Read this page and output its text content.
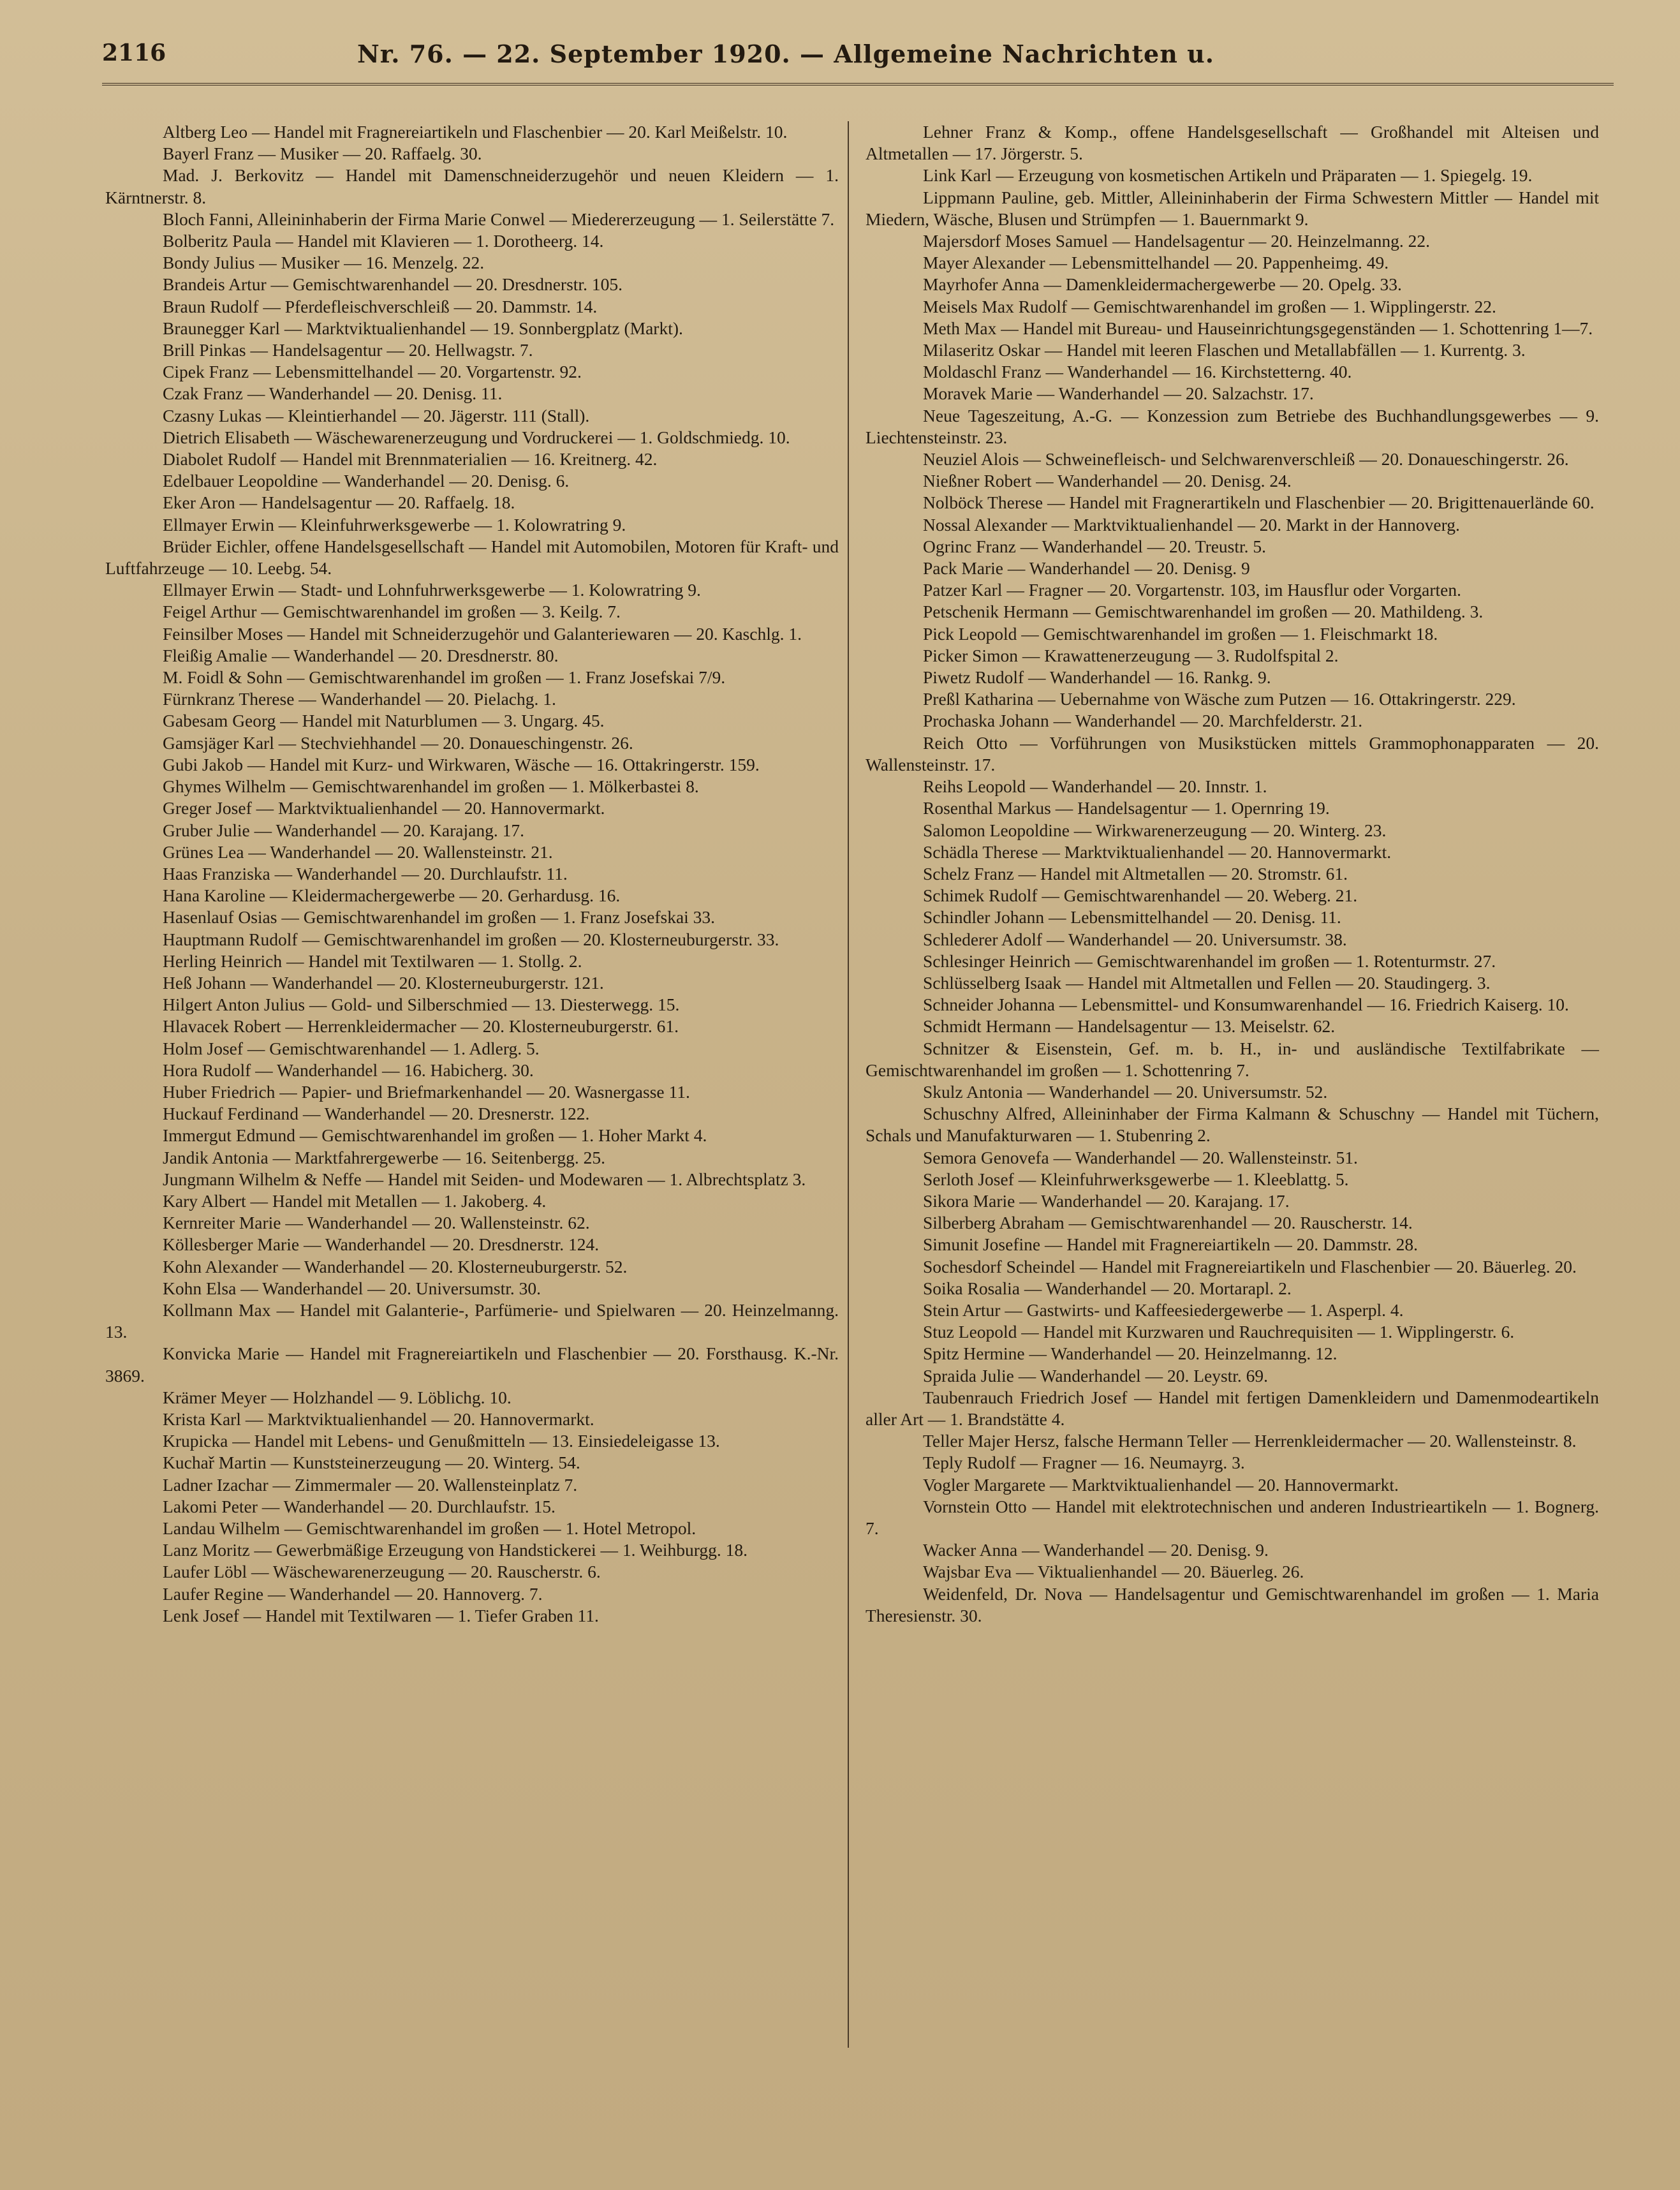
2116	Nr. 76. — 22. September 1920. — Allgemeine Nachrichten u.

Altberg Leo — Handel mit Fragnereiartikeln und Flaschenbier — 20. Karl Meißelstr. 10.

Bayerl Franz — Musiker — 20. Raffaelg. 30.

Mad. J. Berkovitz — Handel mit Damenschneiderzugehör und neuen Kleidern — 1. Kärntnerstr. 8.

Bloch Fanni, Alleininhaberin der Firma Marie Conwel — Miedererzeugung — 1. Seilerstätte 7.

Bolberitz Paula — Handel mit Klavieren — 1. Dorotheerg. 14.

Bondy Julius — Musiker — 16. Menzelg. 22.

Brandeis Artur — Gemischtwarenhandel — 20. Dresdnerstr. 105.

Braun Rudolf — Pferdefleischverschleiß — 20. Dammstr. 14.

Braunegger Karl — Marktviktualienhandel — 19. Sonnbergplatz (Markt).

Brill Pinkas — Handelsagentur — 20. Hellwagstr. 7.

Cipek Franz — Lebensmittelhandel — 20. Vorgartenstr. 92.

Czak Franz — Wanderhandel — 20. Denisg. 11.

Czasny Lukas — Kleintierhandel — 20. Jägerstr. 111 (Stall).

Dietrich Elisabeth — Wäschewarenerzeugung und Vordruckerei — 1. Goldschmiedg. 10.

Diabolet Rudolf — Handel mit Brennmaterialien — 16. Kreitnerg. 42.

Edelbauer Leopoldine — Wanderhandel — 20. Denisg. 6.

Eker Aron — Handelsagentur — 20. Raffaelg. 18.

Ellmayer Erwin — Kleinfuhrwerksgewerbe — 1. Kolowratring 9.

Brüder Eichler, offene Handelsgesellschaft — Handel mit Automobilen, Motoren für Kraft- und Luftfahrzeuge — 10. Leebg. 54.

Ellmayer Erwin — Stadt- und Lohnfuhrwerksgewerbe — 1. Kolowratring 9.

Feigel Arthur — Gemischtwarenhandel im großen — 3. Keilg. 7.

Feinsilber Moses — Handel mit Schneiderzugehör und Galanteriewaren — 20. Kaschlg. 1.

Fleißig Amalie — Wanderhandel — 20. Dresdnerstr. 80.

M. Foidl & Sohn — Gemischtwarenhandel im großen — 1. Franz Josefskai 7/9.

Fürnkranz Therese — Wanderhandel — 20. Pielachg. 1.

Gabesam Georg — Handel mit Naturblumen — 3. Ungarg. 45.

Gamsjäger Karl — Stechviehhandel — 20. Donaueschingenstr. 26.

Gubi Jakob — Handel mit Kurz- und Wirkwaren, Wäsche — 16. Ottakringerstr. 159.

Ghymes Wilhelm — Gemischtwarenhandel im großen — 1. Mölkerbastei 8.

Greger Josef — Marktviktualienhandel — 20. Hannovermarkt.

Gruber Julie — Wanderhandel — 20. Karajang. 17.

Grünes Lea — Wanderhandel — 20. Wallensteinstr. 21.

Haas Franziska — Wanderhandel — 20. Durchlaufstr. 11.

Hana Karoline — Kleidermachergewerbe — 20. Gerhardusg. 16.

Hasenlauf Osias — Gemischtwarenhandel im großen — 1. Franz Josefskai 33.

Hauptmann Rudolf — Gemischtwarenhandel im großen — 20. Klosterneuburgerstr. 33.

Herling Heinrich — Handel mit Textilwaren — 1. Stollg. 2.

Heß Johann — Wanderhandel — 20. Klosterneuburgerstr. 121.

Hilgert Anton Julius — Gold- und Silberschmied — 13. Diesterwegg. 15.

Hlavacek Robert — Herrenkleidermacher — 20. Klosterneuburgerstr. 61.

Holm Josef — Gemischtwarenhandel — 1. Adlerg. 5.

Hora Rudolf — Wanderhandel — 16. Habicherg. 30.

Huber Friedrich — Papier- und Briefmarkenhandel — 20. Wasnergasse 11.

Huckauf Ferdinand — Wanderhandel — 20. Dresnerstr. 122.

Immergut Edmund — Gemischtwarenhandel im großen — 1. Hoher Markt 4.

Jandik Antonia — Marktfahrergewerbe — 16. Seitenbergg. 25.

Jungmann Wilhelm & Neffe — Handel mit Seiden- und Modewaren — 1. Albrechtsplatz 3.

Kary Albert — Handel mit Metallen — 1. Jakoberg. 4.

Kernreiter Marie — Wanderhandel — 20. Wallensteinstr. 62.

Köllesberger Marie — Wanderhandel — 20. Dresdnerstr. 124.

Kohn Alexander — Wanderhandel — 20. Klosterneuburgerstr. 52.

Kohn Elsa — Wanderhandel — 20. Universumstr. 30.

Kollmann Max — Handel mit Galanterie-, Parfümerie- und Spielwaren — 20. Heinzelmanng. 13.

Konvicka Marie — Handel mit Fragnereiartikeln und Flaschenbier — 20. Forsthausg. K.-Nr. 3869.

Krämer Meyer — Holzhandel — 9. Löblichg. 10.

Krista Karl — Marktviktualienhandel — 20. Hannovermarkt.

Krupicka — Handel mit Lebens- und Genußmitteln — 13. Einsiedeleigasse 13.

Kuchař Martin — Kunststeinerzeugung — 20. Winterg. 54.

Ladner Izachar — Zimmermaler — 20. Wallensteinplatz 7.

Lakomi Peter — Wanderhandel — 20. Durchlaufstr. 15.

Landau Wilhelm — Gemischtwarenhandel im großen — 1. Hotel Metropol.

Lanz Moritz — Gewerbmäßige Erzeugung von Handstickerei — 1. Weihburgg. 18.

Laufer Löbl — Wäschewarenerzeugung — 20. Rauscherstr. 6.

Laufer Regine — Wanderhandel — 20. Hannoverg. 7.

Lenk Josef — Handel mit Textilwaren — 1. Tiefer Graben 11.

Lehner Franz & Komp., offene Handelsgesellschaft — Großhandel mit Alteisen und Altmetallen — 17. Jörgerstr. 5.

Link Karl — Erzeugung von kosmetischen Artikeln und Präparaten — 1. Spiegelg. 19.

Lippmann Pauline, geb. Mittler, Alleininhaberin der Firma Schwestern Mittler — Handel mit Miedern, Wäsche, Blusen und Strümpfen — 1. Bauernmarkt 9.

Majersdorf Moses Samuel — Handelsagentur — 20. Heinzelmanng. 22.

Mayer Alexander — Lebensmittelhandel — 20. Pappenheimg. 49.

Mayrhofer Anna — Damenkleidermachergewerbe — 20. Opelg. 33.

Meisels Max Rudolf — Gemischtwarenhandel im großen — 1. Wipplingerstr. 22.

Meth Max — Handel mit Bureau- und Hauseinrichtungsgegenständen — 1. Schottenring 1—7.

Milaseritz Oskar — Handel mit leeren Flaschen und Metallabfällen — 1. Kurrentg. 3.

Moldaschl Franz — Wanderhandel — 16. Kirchstetterng. 40.

Moravek Marie — Wanderhandel — 20. Salzachstr. 17.

Neue Tageszeitung, A.-G. — Konzession zum Betriebe des Buchhandlungsgewerbes — 9. Liechtensteinstr. 23.

Neuziel Alois — Schweinefleisch- und Selchwarenverschleiß — 20. Donaueschingerstr. 26.

Nießner Robert — Wanderhandel — 20. Denisg. 24.

Nolböck Therese — Handel mit Fragnerartikeln und Flaschenbier — 20. Brigittenauerlände 60.

Nossal Alexander — Marktviktualienhandel — 20. Markt in der Hannoverg.

Ogrinc Franz — Wanderhandel — 20. Treustr. 5.

Pack Marie — Wanderhandel — 20. Denisg. 9

Patzer Karl — Fragner — 20. Vorgartenstr. 103, im Hausflur oder Vorgarten.

Petschenik Hermann — Gemischtwarenhandel im großen — 20. Mathildeng. 3.

Pick Leopold — Gemischtwarenhandel im großen — 1. Fleischmarkt 18.

Picker Simon — Krawattenerzeugung — 3. Rudolfspital 2.

Piwetz Rudolf — Wanderhandel — 16. Rankg. 9.

Preßl Katharina — Uebernahme von Wäsche zum Putzen — 16. Ottakringerstr. 229.

Prochaska Johann — Wanderhandel — 20. Marchfelderstr. 21.

Reich Otto — Vorführungen von Musikstücken mittels Grammophonapparaten — 20. Wallensteinstr. 17.

Reihs Leopold — Wanderhandel — 20. Innstr. 1.

Rosenthal Markus — Handelsagentur — 1. Opernring 19.

Salomon Leopoldine — Wirkwarenerzeugung — 20. Winterg. 23.

Schädla Therese — Marktviktualienhandel — 20. Hannovermarkt.

Schelz Franz — Handel mit Altmetallen — 20. Stromstr. 61.

Schimek Rudolf — Gemischtwarenhandel — 20. Weberg. 21.

Schindler Johann — Lebensmittelhandel — 20. Denisg. 11.

Schlederer Adolf — Wanderhandel — 20. Universumstr. 38.

Schlesinger Heinrich — Gemischtwarenhandel im großen — 1. Rotenturmstr. 27.

Schlüsselberg Isaak — Handel mit Altmetallen und Fellen — 20. Staudingerg. 3.

Schneider Johanna — Lebensmittel- und Konsumwarenhandel — 16. Friedrich Kaiserg. 10.

Schmidt Hermann — Handelsagentur — 13. Meiselstr. 62.

Schnitzer & Eisenstein, Gef. m. b. H., in- und ausländische Textilfabrikate — Gemischtwarenhandel im großen — 1. Schottenring 7.

Skulz Antonia — Wanderhandel — 20. Universumstr. 52.

Schuschny Alfred, Alleininhaber der Firma Kalmann & Schuschny — Handel mit Tüchern, Schals und Manufakturwaren — 1. Stubenring 2.

Semora Genovefa — Wanderhandel — 20. Wallensteinstr. 51.

Serloth Josef — Kleinfuhrwerksgewerbe — 1. Kleeblattg. 5.

Sikora Marie — Wanderhandel — 20. Karajang. 17.

Silberberg Abraham — Gemischtwarenhandel — 20. Rauscherstr. 14.

Simunit Josefine — Handel mit Fragnereiartikeln — 20. Dammstr. 28.

Sochesdorf Scheindel — Handel mit Fragnereiartikeln und Flaschenbier — 20. Bäuerleg. 20.

Soika Rosalia — Wanderhandel — 20. Mortarapl. 2.

Stein Artur — Gastwirts- und Kaffeesiedergewerbe — 1. Asperpl. 4.

Stuz Leopold — Handel mit Kurzwaren und Rauchrequisiten — 1. Wipplingerstr. 6.

Spitz Hermine — Wanderhandel — 20. Heinzelmanng. 12.

Spraida Julie — Wanderhandel — 20. Leystr. 69.

Taubenrauch Friedrich Josef — Handel mit fertigen Damenkleidern und Damenmodeartikeln aller Art — 1. Brandstätte 4.

Teller Majer Hersz, falsche Hermann Teller — Herrenkleidermacher — 20. Wallensteinstr. 8.

Teply Rudolf — Fragner — 16. Neumayrg. 3.

Vogler Margarete — Marktviktualienhandel — 20. Hannovermarkt.

Vornstein Otto — Handel mit elektrotechnischen und anderen Industrieartikeln — 1. Bognerg. 7.

Wacker Anna — Wanderhandel — 20. Denisg. 9.

Wajsbar Eva — Viktualienhandel — 20. Bäuerleg. 26.

Weidenfeld, Dr. Nova — Handelsagentur und Gemischtwarenhandel im großen — 1. Maria Theresienstr. 30.
